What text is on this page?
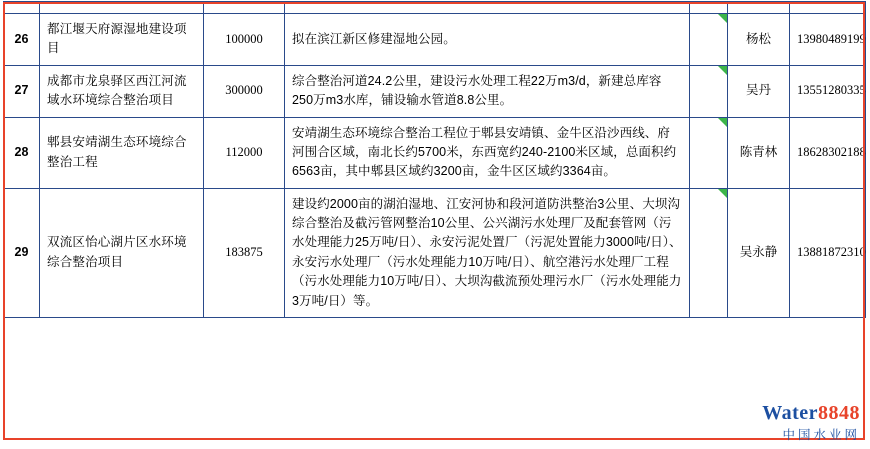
26	都江堰天府源湿地建设项目	100000	拟在滨江新区修建湿地公园。		杨松	13980489199
27	成都市龙泉驿区西江河流域水环境综合整治项目	300000	综合整治河道24.2公里，建设污水处理工程22万m3/d，新建总库容250万m3水库，铺设输水管道8.8公里。		吴丹	13551280335
28	郫县安靖湖生态环境综合整治工程	112000	安靖湖生态环境综合整治工程位于郫县安靖镇、金牛区沿沙西线、府河围合区域，南北长约5700米，东西宽约240-2100米区域，总面积约6563亩，其中郫县区域约3200亩，金牛区区域约3364亩。		陈青林	18628302188
29	双流区怡心湖片区水环境综合整治项目	183875	建设约2000亩的湖泊湿地、江安河协和段河道防洪整治3公里、大坝沟综合整治及截污管网整治10公里、公兴湖污水处理厂及配套管网（污水处理能力25万吨/日）、永安污泥处置厂（污泥处置能力3000吨/日）、永安污水处理厂（污水处理能力10万吨/日）、航空港污水处理厂工程（污水处理能力10万吨/日）、大坝沟截流预处理污水厂（污水处理能力3万吨/日）等。		吴永静	13881872310
Water8848
中国水业网
